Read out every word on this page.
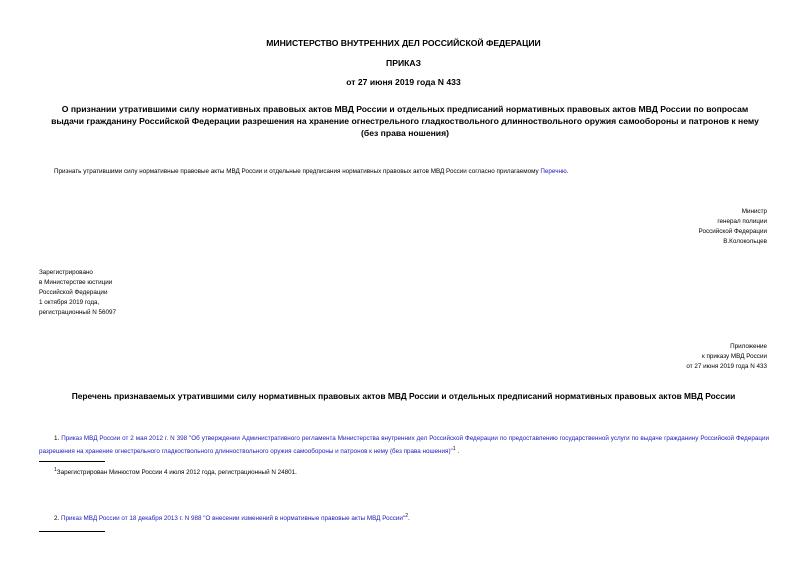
МИНИСТЕРСТВО ВНУТРЕННИХ ДЕЛ РОССИЙСКОЙ ФЕДЕРАЦИИ
ПРИКАЗ
от 27 июня 2019 года N 433
О признании утратившими силу нормативных правовых актов МВД России и отдельных предписаний нормативных правовых актов МВД России по вопросам выдачи гражданину Российской Федерации разрешения на хранение огнестрельного гладкоствольного длинноствольного оружия самообороны и патронов к нему (без права ношения)
Признать утратившими силу нормативные правовые акты МВД России и отдельные предписания нормативных правовых актов МВД России согласно прилагаемому Перечню.
Министр
генерал полиции
Российской Федерации
В.Колокольцев
Зарегистрировано
в Министерстве юстиции
Российской Федерации
1 октября 2019 года,
регистрационный N 56097
Приложение
к приказу МВД России
от 27 июня 2019 года N 433
Перечень признаваемых утратившими силу нормативных правовых актов МВД России и отдельных предписаний нормативных правовых актов МВД России
1. Приказ МВД России от 2 мая 2012 г. N 398 "Об утверждении Административного регламента Министерства внутренних дел Российской Федерации по предоставлению государственной услуги по выдаче гражданину Российской Федерации разрешения на хранение огнестрельного гладкоствольного длинноствольного оружия самообороны и патронов к нему (без права ношения)"$^1$ .
$^1$Зарегистрирован Минюстом России 4 июля 2012 года, регистрационный N 24801.
2. Приказ МВД России от 18 декабря 2013 г. N 988 "О внесении изменений в нормативные правовые акты МВД России"$^2$.
